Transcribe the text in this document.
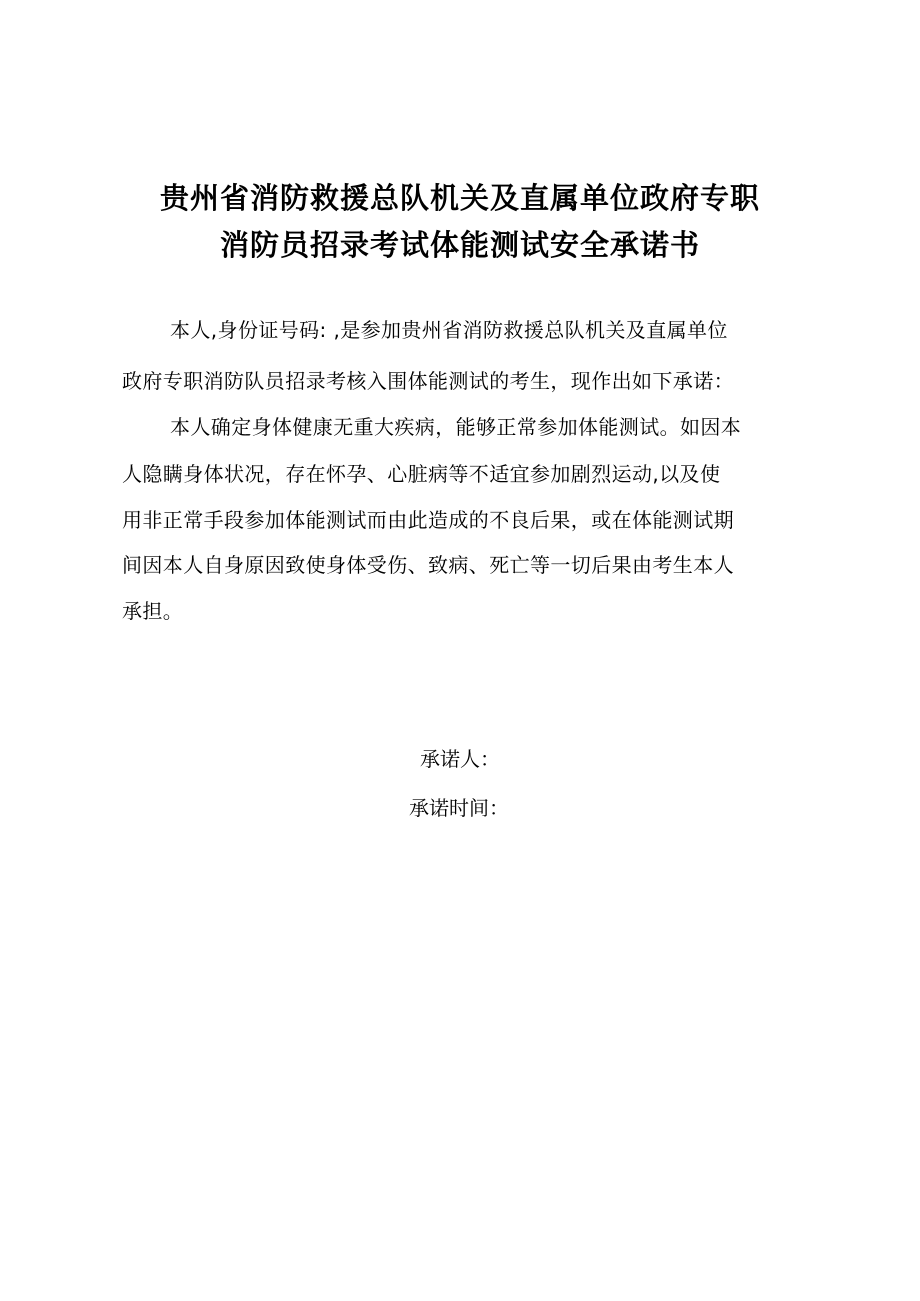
贵州省消防救援总队机关及直属单位政府专职
消防员招录考试体能测试安全承诺书
本人,身份证号码: ,是参加贵州省消防救援总队机关及直属单位
政府专职消防队员招录考核入围体能测试的考生，现作出如下承诺：
本人确定身体健康无重大疾病，能够正常参加体能测试。如因本
人隐瞒身体状况，存在怀孕、心脏病等不适宜参加剧烈运动,以及使
用非正常手段参加体能测试而由此造成的不良后果，或在体能测试期
间因本人自身原因致使身体受伤、致病、死亡等一切后果由考生本人
承担。
承诺人：
承诺时间：
